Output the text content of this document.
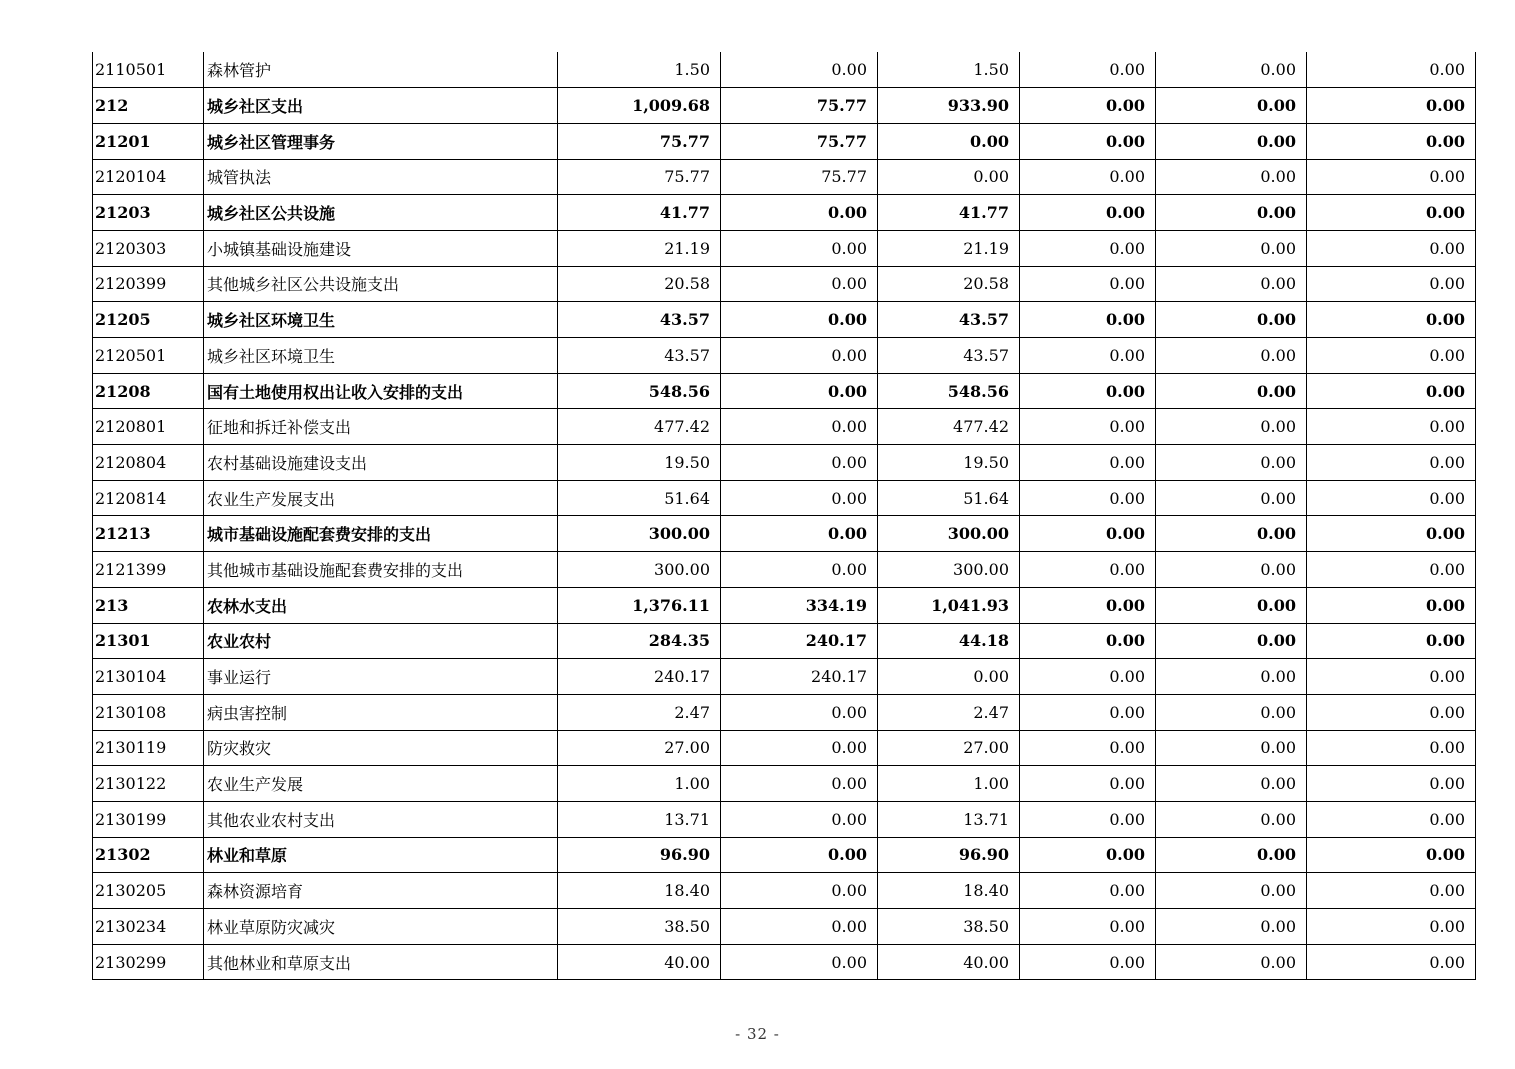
2110501	森林管护	1.50	0.00	1.50	0.00	0.00	0.00
212	城乡社区支出	1,009.68	75.77	933.90	0.00	0.00	0.00
21201	城乡社区管理事务	75.77	75.77	0.00	0.00	0.00	0.00
2120104	城管执法	75.77	75.77	0.00	0.00	0.00	0.00
21203	城乡社区公共设施	41.77	0.00	41.77	0.00	0.00	0.00
2120303	小城镇基础设施建设	21.19	0.00	21.19	0.00	0.00	0.00
2120399	其他城乡社区公共设施支出	20.58	0.00	20.58	0.00	0.00	0.00
21205	城乡社区环境卫生	43.57	0.00	43.57	0.00	0.00	0.00
2120501	城乡社区环境卫生	43.57	0.00	43.57	0.00	0.00	0.00
21208	国有土地使用权出让收入安排的支出	548.56	0.00	548.56	0.00	0.00	0.00
2120801	征地和拆迁补偿支出	477.42	0.00	477.42	0.00	0.00	0.00
2120804	农村基础设施建设支出	19.50	0.00	19.50	0.00	0.00	0.00
2120814	农业生产发展支出	51.64	0.00	51.64	0.00	0.00	0.00
21213	城市基础设施配套费安排的支出	300.00	0.00	300.00	0.00	0.00	0.00
2121399	其他城市基础设施配套费安排的支出	300.00	0.00	300.00	0.00	0.00	0.00
213	农林水支出	1,376.11	334.19	1,041.93	0.00	0.00	0.00
21301	农业农村	284.35	240.17	44.18	0.00	0.00	0.00
2130104	事业运行	240.17	240.17	0.00	0.00	0.00	0.00
2130108	病虫害控制	2.47	0.00	2.47	0.00	0.00	0.00
2130119	防灾救灾	27.00	0.00	27.00	0.00	0.00	0.00
2130122	农业生产发展	1.00	0.00	1.00	0.00	0.00	0.00
2130199	其他农业农村支出	13.71	0.00	13.71	0.00	0.00	0.00
21302	林业和草原	96.90	0.00	96.90	0.00	0.00	0.00
2130205	森林资源培育	18.40	0.00	18.40	0.00	0.00	0.00
2130234	林业草原防灾减灾	38.50	0.00	38.50	0.00	0.00	0.00
2130299	其他林业和草原支出	40.00	0.00	40.00	0.00	0.00	0.00
- 32 -
